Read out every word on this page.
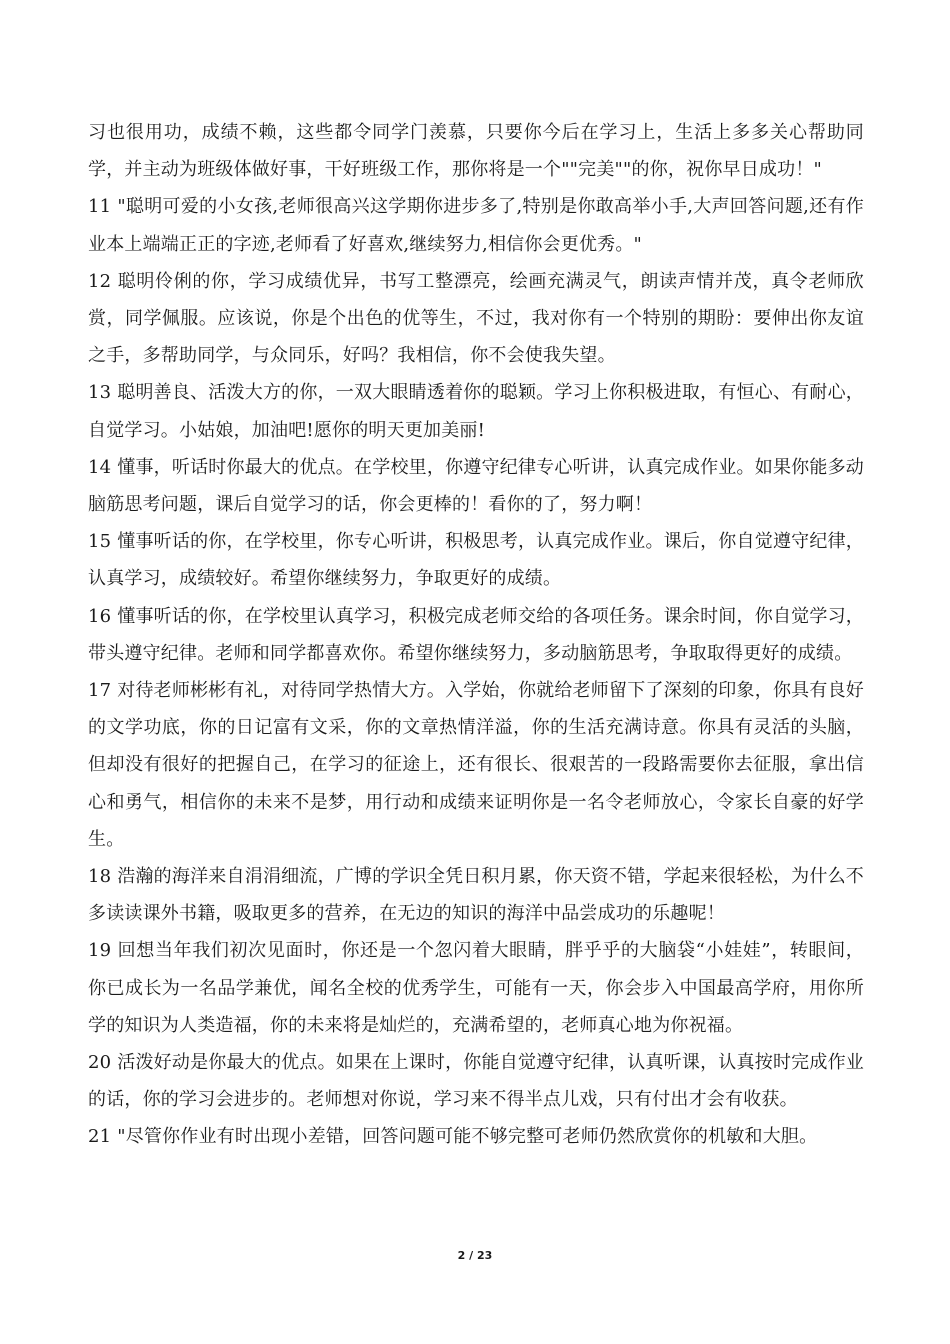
习也很用功，成绩不赖，这些都令同学门羡慕，只要你今后在学习上，生活上多多关心帮助同学，并主动为班级体做好事，干好班级工作，那你将是一个""完美""的你，祝你早日成功！"

11 "聪明可爱的小女孩,老师很高兴这学期你进步多了,特别是你敢高举小手,大声回答问题,还有作业本上端端正正的字迹,老师看了好喜欢,继续努力,相信你会更优秀。"

12 聪明伶俐的你，学习成绩优异，书写工整漂亮，绘画充满灵气，朗读声情并茂，真令老师欣赏，同学佩服。应该说，你是个出色的优等生，不过，我对你有一个特别的期盼：要伸出你友谊之手，多帮助同学，与众同乐，好吗？我相信，你不会使我失望。

13 聪明善良、活泼大方的你，一双大眼睛透着你的聪颖。学习上你积极进取，有恒心、有耐心，自觉学习。小姑娘，加油吧!愿你的明天更加美丽!

14 懂事，听话时你最大的优点。在学校里，你遵守纪律专心听讲，认真完成作业。如果你能多动脑筋思考问题，课后自觉学习的话，你会更棒的！看你的了，努力啊！

15 懂事听话的你，在学校里，你专心听讲，积极思考，认真完成作业。课后，你自觉遵守纪律，认真学习，成绩较好。希望你继续努力，争取更好的成绩。

16 懂事听话的你，在学校里认真学习，积极完成老师交给的各项任务。课余时间，你自觉学习，带头遵守纪律。老师和同学都喜欢你。希望你继续努力，多动脑筋思考，争取取得更好的成绩。

17 对待老师彬彬有礼，对待同学热情大方。入学始，你就给老师留下了深刻的印象，你具有良好的文学功底，你的日记富有文采，你的文章热情洋溢，你的生活充满诗意。你具有灵活的头脑，但却没有很好的把握自己，在学习的征途上，还有很长、很艰苦的一段路需要你去征服，拿出信心和勇气，相信你的未来不是梦，用行动和成绩来证明你是一名令老师放心，令家长自豪的好学生。

18 浩瀚的海洋来自涓涓细流，广博的学识全凭日积月累，你天资不错，学起来很轻松，为什么不多读读课外书籍，吸取更多的营养，在无边的知识的海洋中品尝成功的乐趣呢！

19 回想当年我们初次见面时，你还是一个忽闪着大眼睛，胖乎乎的大脑袋“小娃娃”，转眼间，你已成长为一名品学兼优，闻名全校的优秀学生，可能有一天，你会步入中国最高学府，用你所学的知识为人类造福，你的未来将是灿烂的，充满希望的，老师真心地为你祝福。

20 活泼好动是你最大的优点。如果在上课时，你能自觉遵守纪律，认真听课，认真按时完成作业的话，你的学习会进步的。老师想对你说，学习来不得半点儿戏，只有付出才会有收获。

21 "尽管你作业有时出现小差错，回答问题可能不够完整可老师仍然欣赏你的机敏和大胆。

2 / 23
